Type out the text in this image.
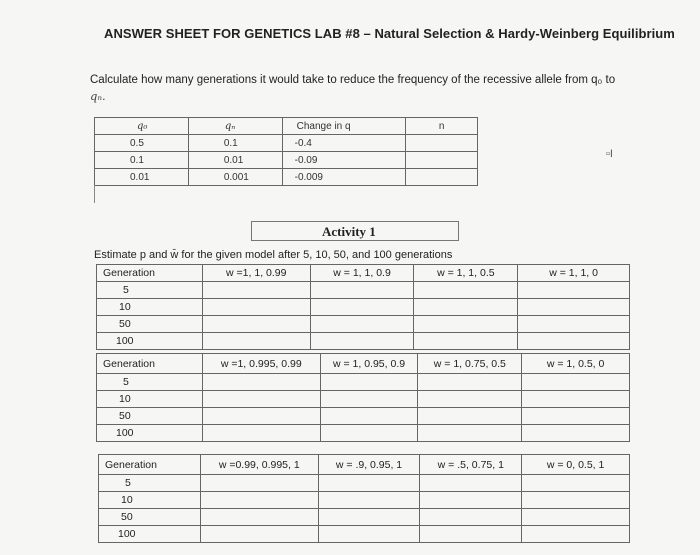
ANSWER SHEET FOR GENETICS LAB #8 – Natural Selection & Hardy-Weinberg Equilibrium
Calculate how many generations it would take to reduce the frequency of the recessive allele from q₀ to
qₙ.
q₀	qₙ	Change in q	n
0.5	0.1	-0.4	
0.1	0.01	-0.09	
0.01	0.001	-0.009	
▫I
Activity 1
Estimate p and w̄ for the given model after 5, 10, 50, and 100 generations
Generation	w =1, 1, 0.99	w = 1, 1, 0.9	w = 1, 1, 0.5	w = 1, 1, 0
5				
10				
50				
100				
Generation	w =1, 0.995, 0.99	w = 1, 0.95, 0.9	w = 1, 0.75, 0.5	w = 1, 0.5, 0
5				
10				
50				
100				
Generation	w =0.99, 0.995, 1	w = .9, 0.95, 1	w = .5, 0.75, 1	w = 0, 0.5, 1
5				
10				
50				
100				
